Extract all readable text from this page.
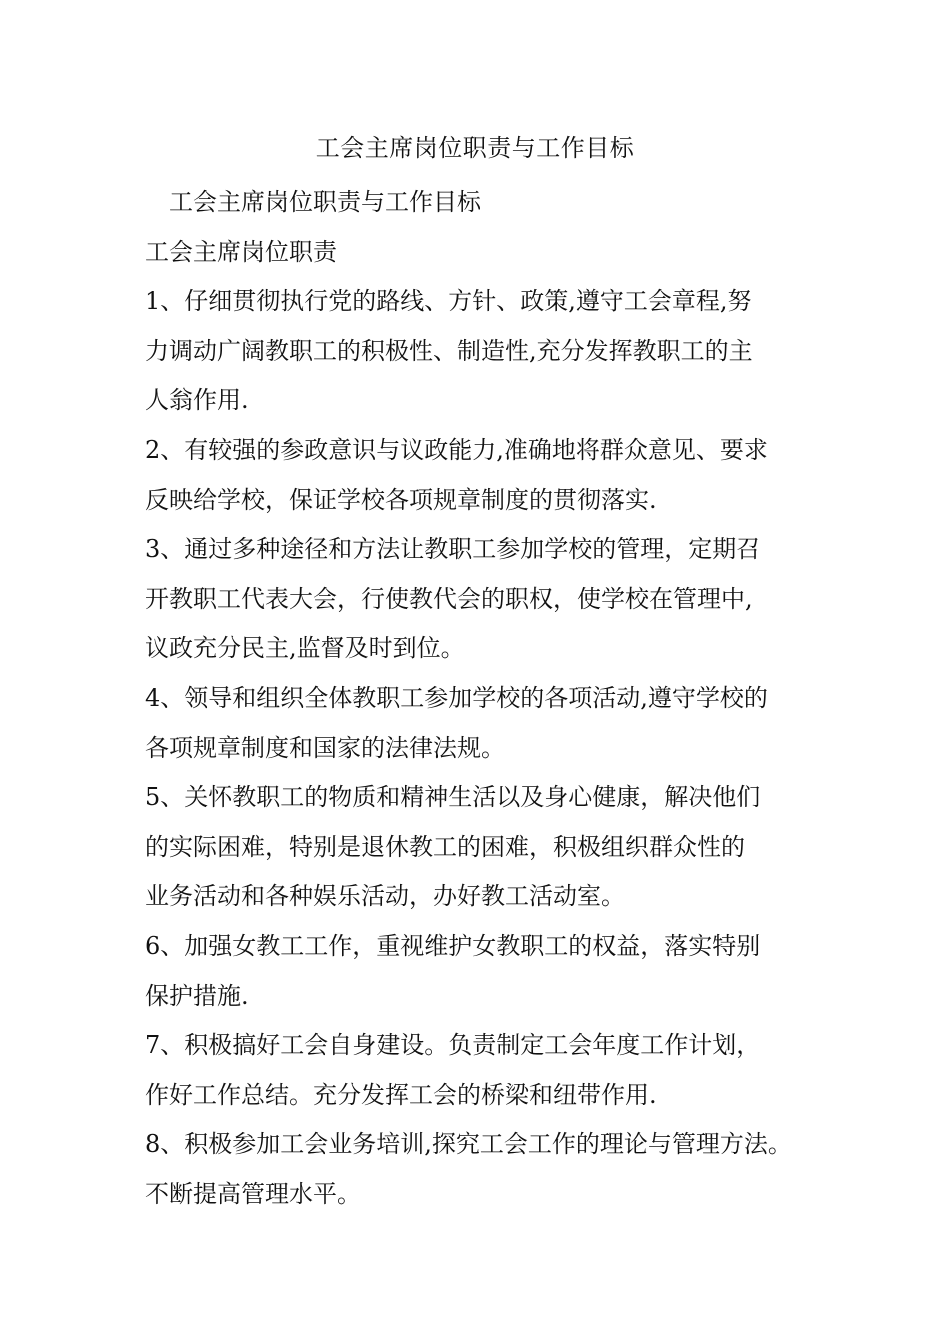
工会主席岗位职责与工作目标

工会主席岗位职责与工作目标

工会主席岗位职责

1、仔细贯彻执行党的路线、方针、政策,遵守工会章程,努

力调动广阔教职工的积极性、制造性,充分发挥教职工的主

人翁作用.

2、有较强的参政意识与议政能力,准确地将群众意见、要求

反映给学校，保证学校各项规章制度的贯彻落实.

3、通过多种途径和方法让教职工参加学校的管理，定期召

开教职工代表大会，行使教代会的职权，使学校在管理中,

议政充分民主,监督及时到位。

4、领导和组织全体教职工参加学校的各项活动,遵守学校的

各项规章制度和国家的法律法规。

5、关怀教职工的物质和精神生活以及身心健康，解决他们

的实际困难，特别是退休教工的困难，积极组织群众性的

业务活动和各种娱乐活动，办好教工活动室。

6、加强女教工工作，重视维护女教职工的权益，落实特别

保护措施.

7、积极搞好工会自身建设。负责制定工会年度工作计划，

作好工作总结。充分发挥工会的桥梁和纽带作用.

8、积极参加工会业务培训,探究工会工作的理论与管理方法。

不断提高管理水平。
